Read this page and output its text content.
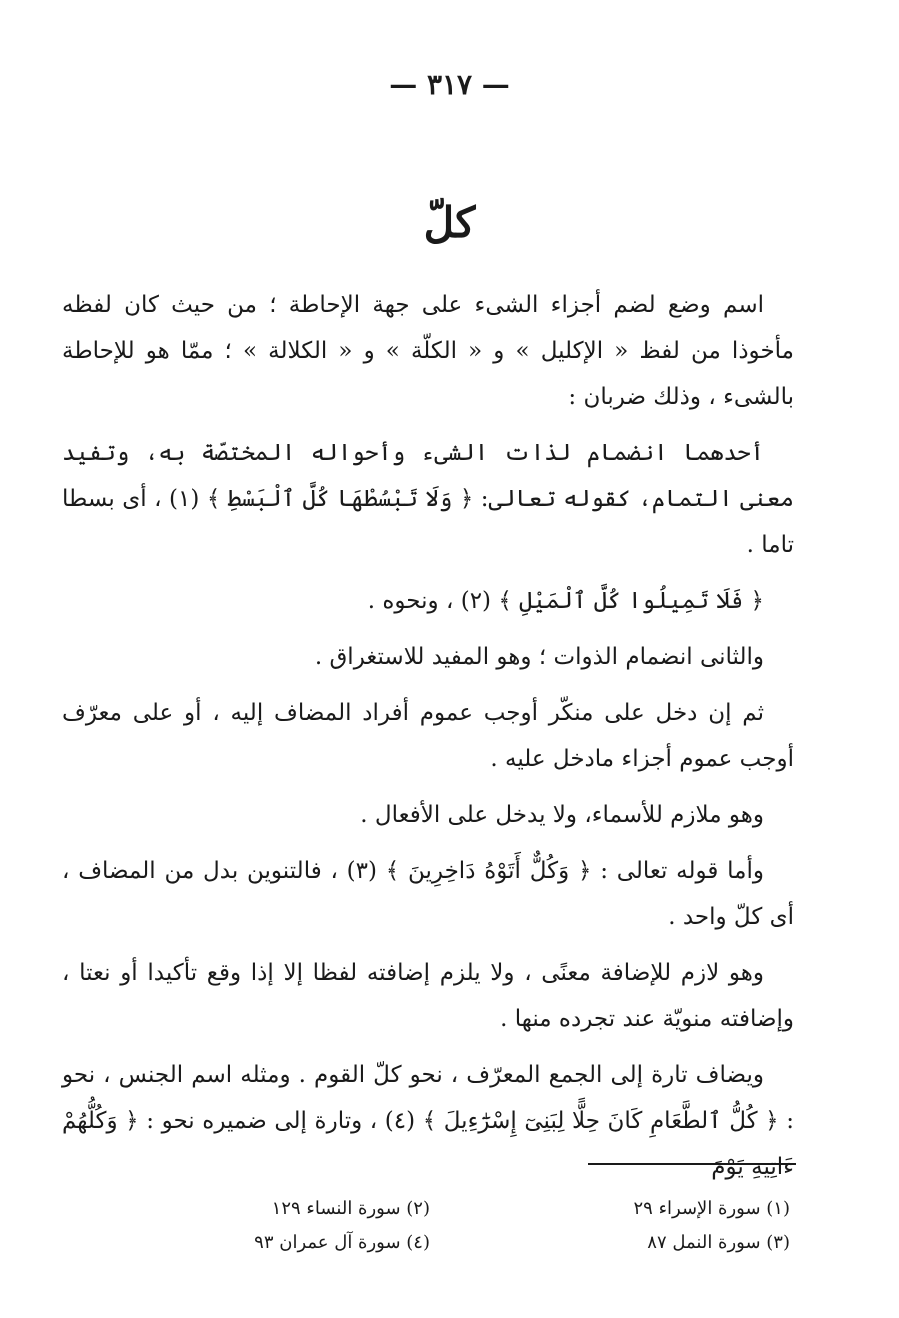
— ٣١٧ —
كلّ

اسم وضع لضم أجزاء الشىء على جهة الإحاطة ؛ من حيث كان لفظه مأخوذا من لفظ « الإكليل » و « الكلّة » و « الكلالة » ؛ ممّا هو للإحاطة بالشىء ، وذلك ضربان :

أحدهما انضمام لذات الشىء وأحواله المختصّة به، وتفيد معنى التمام، كقوله تعالى: ﴿ وَلَا تَبْسُطْهَا كُلَّ ٱلْبَسْطِ ﴾ (١) ، أى بسطا تاما .

﴿ فَلَا تَمِيلُوا كُلَّ ٱلْمَيْلِ ﴾ (٢) ، ونحوه .

والثانى انضمام الذوات ؛ وهو المفيد للاستغراق .

ثم إن دخل على منكّر أوجب عموم أفراد المضاف إليه ، أو على معرّف أوجب عموم أجزاء مادخل عليه .

وهو ملازم للأسماء، ولا يدخل على الأفعال .

وأما قوله تعالى : ﴿ وَكُلٌّ أَتَوْهُ دَاخِرِينَ ﴾ (٣) ، فالتنوين بدل من المضاف ، أى كلّ واحد .

وهو لازم للإضافة معنًى ، ولا يلزم إضافته لفظا إلا إذا وقع تأكيدا أو نعتا ، وإضافته منويّة عند تجرده منها .

ويضاف تارة إلى الجمع المعرّف ، نحو كلّ القوم . ومثله اسم الجنس ، نحو : ﴿ كُلُّ ٱلطَّعَامِ كَانَ حِلًّا لِبَنِىٓ إِسْرَٰٓءِيلَ ﴾ (٤) ، وتارة إلى ضميره نحو : ﴿ وَكُلُّهُمْ ءَاتِيهِ يَوْمَ

(١) سورة الإسراء ٢٩
(٢) سورة النساء ١٢٩
(٣) سورة النمل ٨٧
(٤) سورة آل عمران ٩٣
